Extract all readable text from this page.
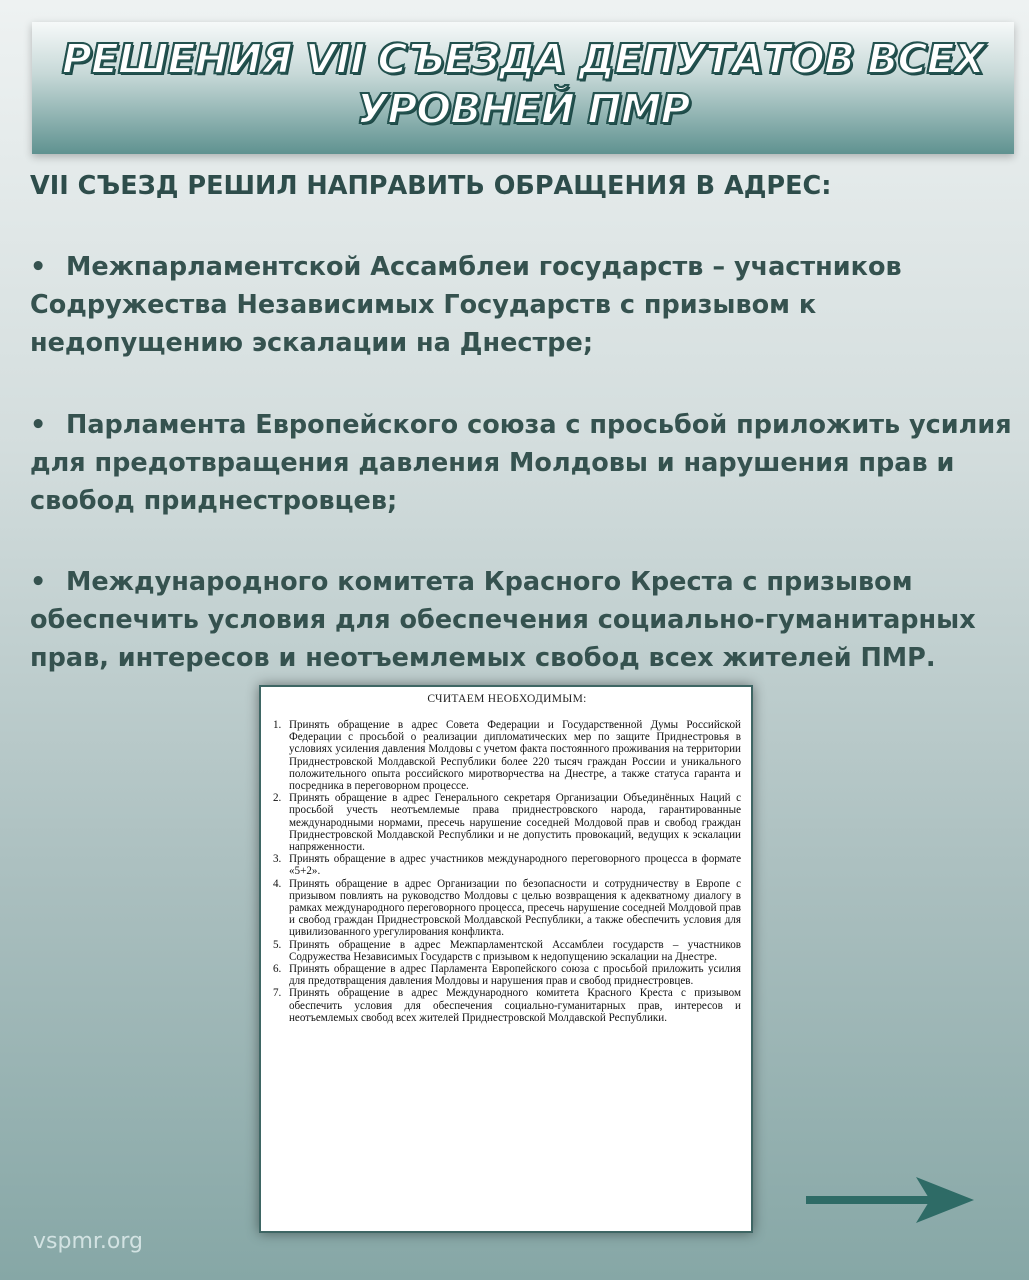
РЕШЕНИЯ VII СЪЕЗДА ДЕПУТАТОВ ВСЕХ
УРОВНЕЙ ПМР

VII СЪЕЗД РЕШИЛ НАПРАВИТЬ ОБРАЩЕНИЯ В АДРЕС:

• Межпарламентской Ассамблеи государств – участников Содружества Независимых Государств с призывом к недопущению эскалации на Днестре;

• Парламента Европейского союза с просьбой приложить усилия для предотвращения давления Молдовы и нарушения прав и свобод приднестровцев;

• Международного комитета Красного Креста с призывом обеспечить условия для обеспечения социально-гуманитарных прав, интересов и неотъемлемых свобод всех жителей ПМР.

СЧИТАЕМ НЕОБХОДИМЫМ:

1. Принять обращение в адрес Совета Федерации и Государственной Думы Российской Федерации с просьбой о реализации дипломатических мер по защите Приднестровья в условиях усиления давления Молдовы с учетом факта постоянного проживания на территории Приднестровской Молдавской Республики более 220 тысяч граждан России и уникального положительного опыта российского миротворчества на Днестре, а также статуса гаранта и посредника в переговорном процессе.
2. Принять обращение в адрес Генерального секретаря Организации Объединённых Наций с просьбой учесть неотъемлемые права приднестровского народа, гарантированные международными нормами, пресечь нарушение соседней Молдовой прав и свобод граждан Приднестровской Молдавской Республики и не допустить провокаций, ведущих к эскалации напряженности.
3. Принять обращение в адрес участников международного переговорного процесса в формате «5+2».
4. Принять обращение в адрес Организации по безопасности и сотрудничеству в Европе с призывом повлиять на руководство Молдовы с целью возвращения к адекватному диалогу в рамках международного переговорного процесса, пресечь нарушение соседней Молдовой прав и свобод граждан Приднестровской Молдавской Республики, а также обеспечить условия для цивилизованного урегулирования конфликта.
5. Принять обращение в адрес Межпарламентской Ассамблеи государств – участников Содружества Независимых Государств с призывом к недопущению эскалации на Днестре.
6. Принять обращение в адрес Парламента Европейского союза с просьбой приложить усилия для предотвращения давления Молдовы и нарушения прав и свобод приднестровцев.
7. Принять обращение в адрес Международного комитета Красного Креста с призывом обеспечить условия для обеспечения социально-гуманитарных прав, интересов и неотъемлемых свобод всех жителей Приднестровской Молдавской Республики.

vspmr.org
